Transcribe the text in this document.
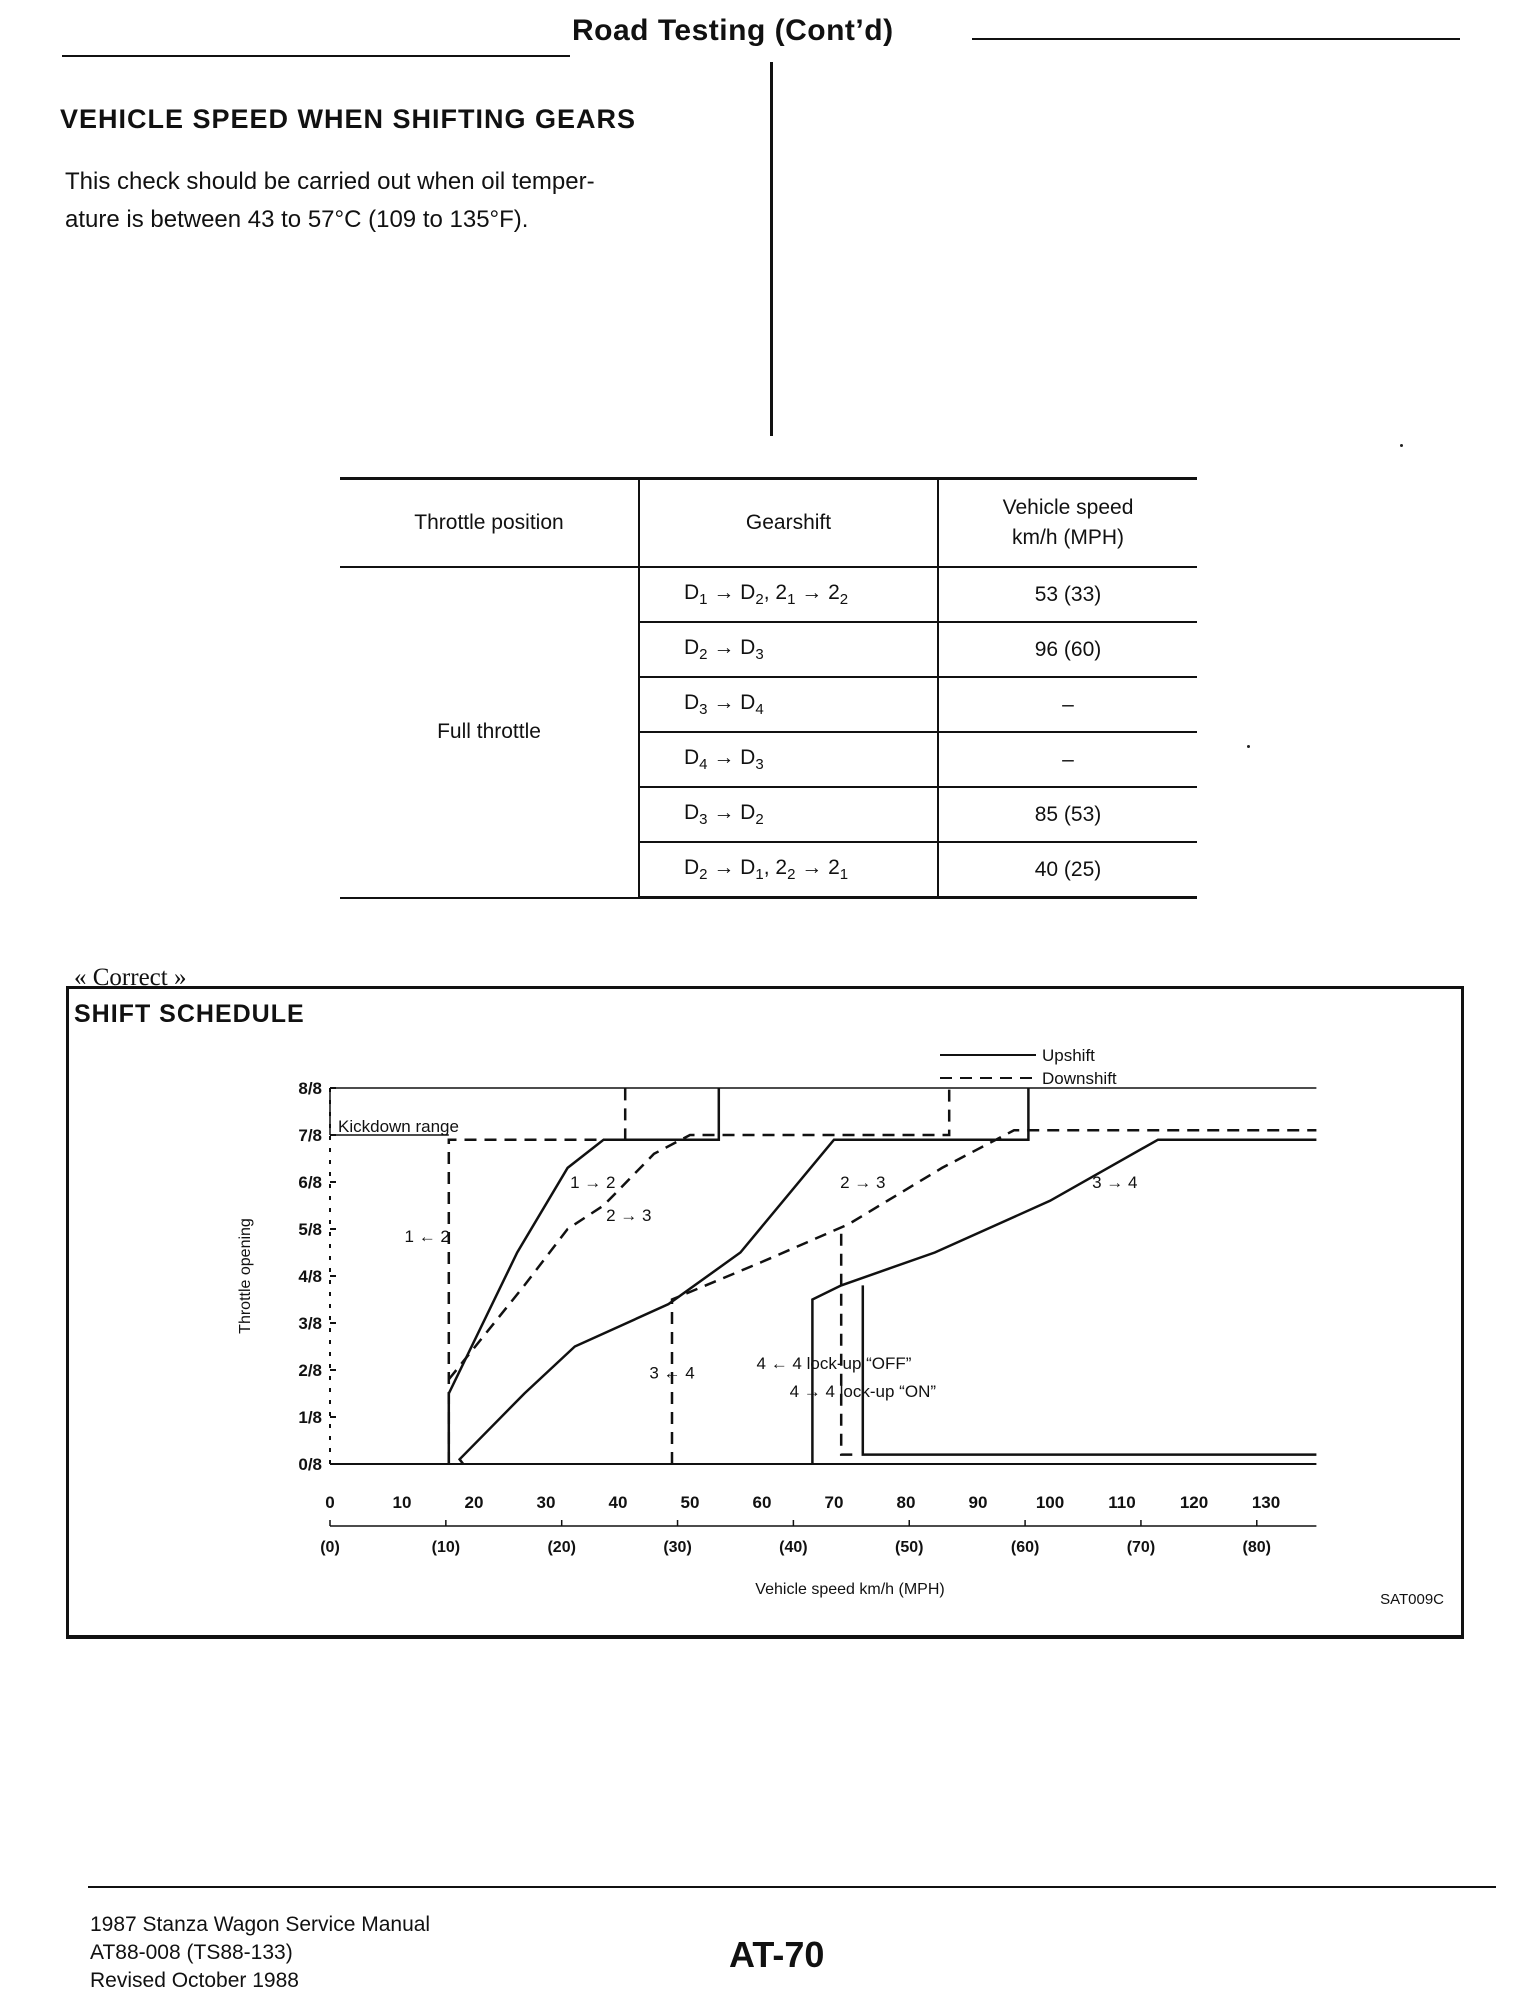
Road Testing (Cont’d)
VEHICLE SPEED WHEN SHIFTING GEARS
This check should be carried out when oil temper-
ature is between 43 to 57°C (109 to 135°F).
Throttle position	Gearshift	Vehicle speed
km/h (MPH)

Full throttle	$D_1 \to D_2$, $2_1 \to 2_2$	53 (33)
	$D_2 \to D_3$	96 (60)
	$D_3 \to D_4$	–
	$D_4 \to D_3$	–
	$D_3 \to D_2$	85 (53)
	$D_2 \to D_1$, $2_2 \to 2_1$	40 (25)
« Correct »
SHIFT SCHEDULE
0/8
1/8
2/8
3/8
4/8
5/8
6/8
7/8
8/8
Throttle opening
0	10	20	30	40	50	60	70	80	90	100	110	120	130
(0)	(10)	(20)	(30)	(40)	(50)	(60)	(70)	(80)
Vehicle speed km/h (MPH)
Kickdown range
1 → 2
2 → 3
1 ← 2
2 → 3	3 → 4
3 ← 4	4 ← 4 lock-up “OFF”
4 → 4 lock-up “ON”
Upshift
Downshift
SAT009C
1987 Stanza Wagon Service Manual
AT88-008 (TS88-133)
Revised October 1988
AT-70
